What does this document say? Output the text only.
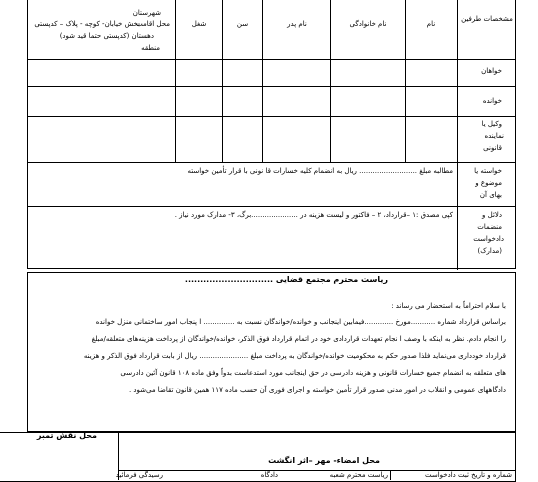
مشخصات طرفین
نام
نام خانوادگی
نام پدر
سن
شغل
محل اقامت
شهرستان
بخش خیابان- کوچه - پلاک – کدپستی
دهستان (کدپستی حتما قید شود)
منطقه
خواهان
خوانده
وکیل یا
نماینده
قانونی
خواسته یا
موضوع و
بهای آن
مطالبه مبلغ .......................... ریال به انضمام کلیه خسارات قا نونی با قرار تأمین خواسته
دلائل و
منضمات
دادخواست
(مدارک)
کپی مصدق :۱ –قرارداد، ۲ – فاکتور و لیست هزینه در .....................برگ، ۳- مدارک مورد نیاز .
ریاست محترم مجتمع قضایی .............................
با سلام احتراماً به استحضار می رساند :
براساس قرارداد شماره ...........مورخ .............فیمابین اینجانب و خوانده/خواندگان نسبت به .............. ا پنجاب امور ساختمانی منزل خوانده
را انجام دادم. نظر به اینکه با وصف ا نجام تعهدات قراردادی خود در اتمام قرارداد فوق الذکر، خوانده/خواندگان از پرداخت هزینه‌های متعلقه/مبلغ
قرارداد خودداری می‌نماید فلذا صدور حکم به محکومیت خوانده/خواندگان به پرداخت مبلغ ...................... ریال از بابت قرارداد فوق الذکر و هزینه
های متعلقه به انضمام جمیع خسارات قانونی و هزینه دادرسی در حق اینجانب مورد استدعاست بدواً وفق ماده ۱۰۸ قانون آئین دادرسی
دادگاههای عمومی و انقلاب در امور مدنی صدور قرار تأمین خواسته و اجرای فوری آن حسب ماده ۱۱۷ همین قانون تقاضا می‌شود .
محل امضاء- مهر –اثر انگشت
محل نقش تمبر
شماره و تاریخ ثبت دادخواست
ریاست محترم شعبه
دادگاه
رسیدگی فرمائید
